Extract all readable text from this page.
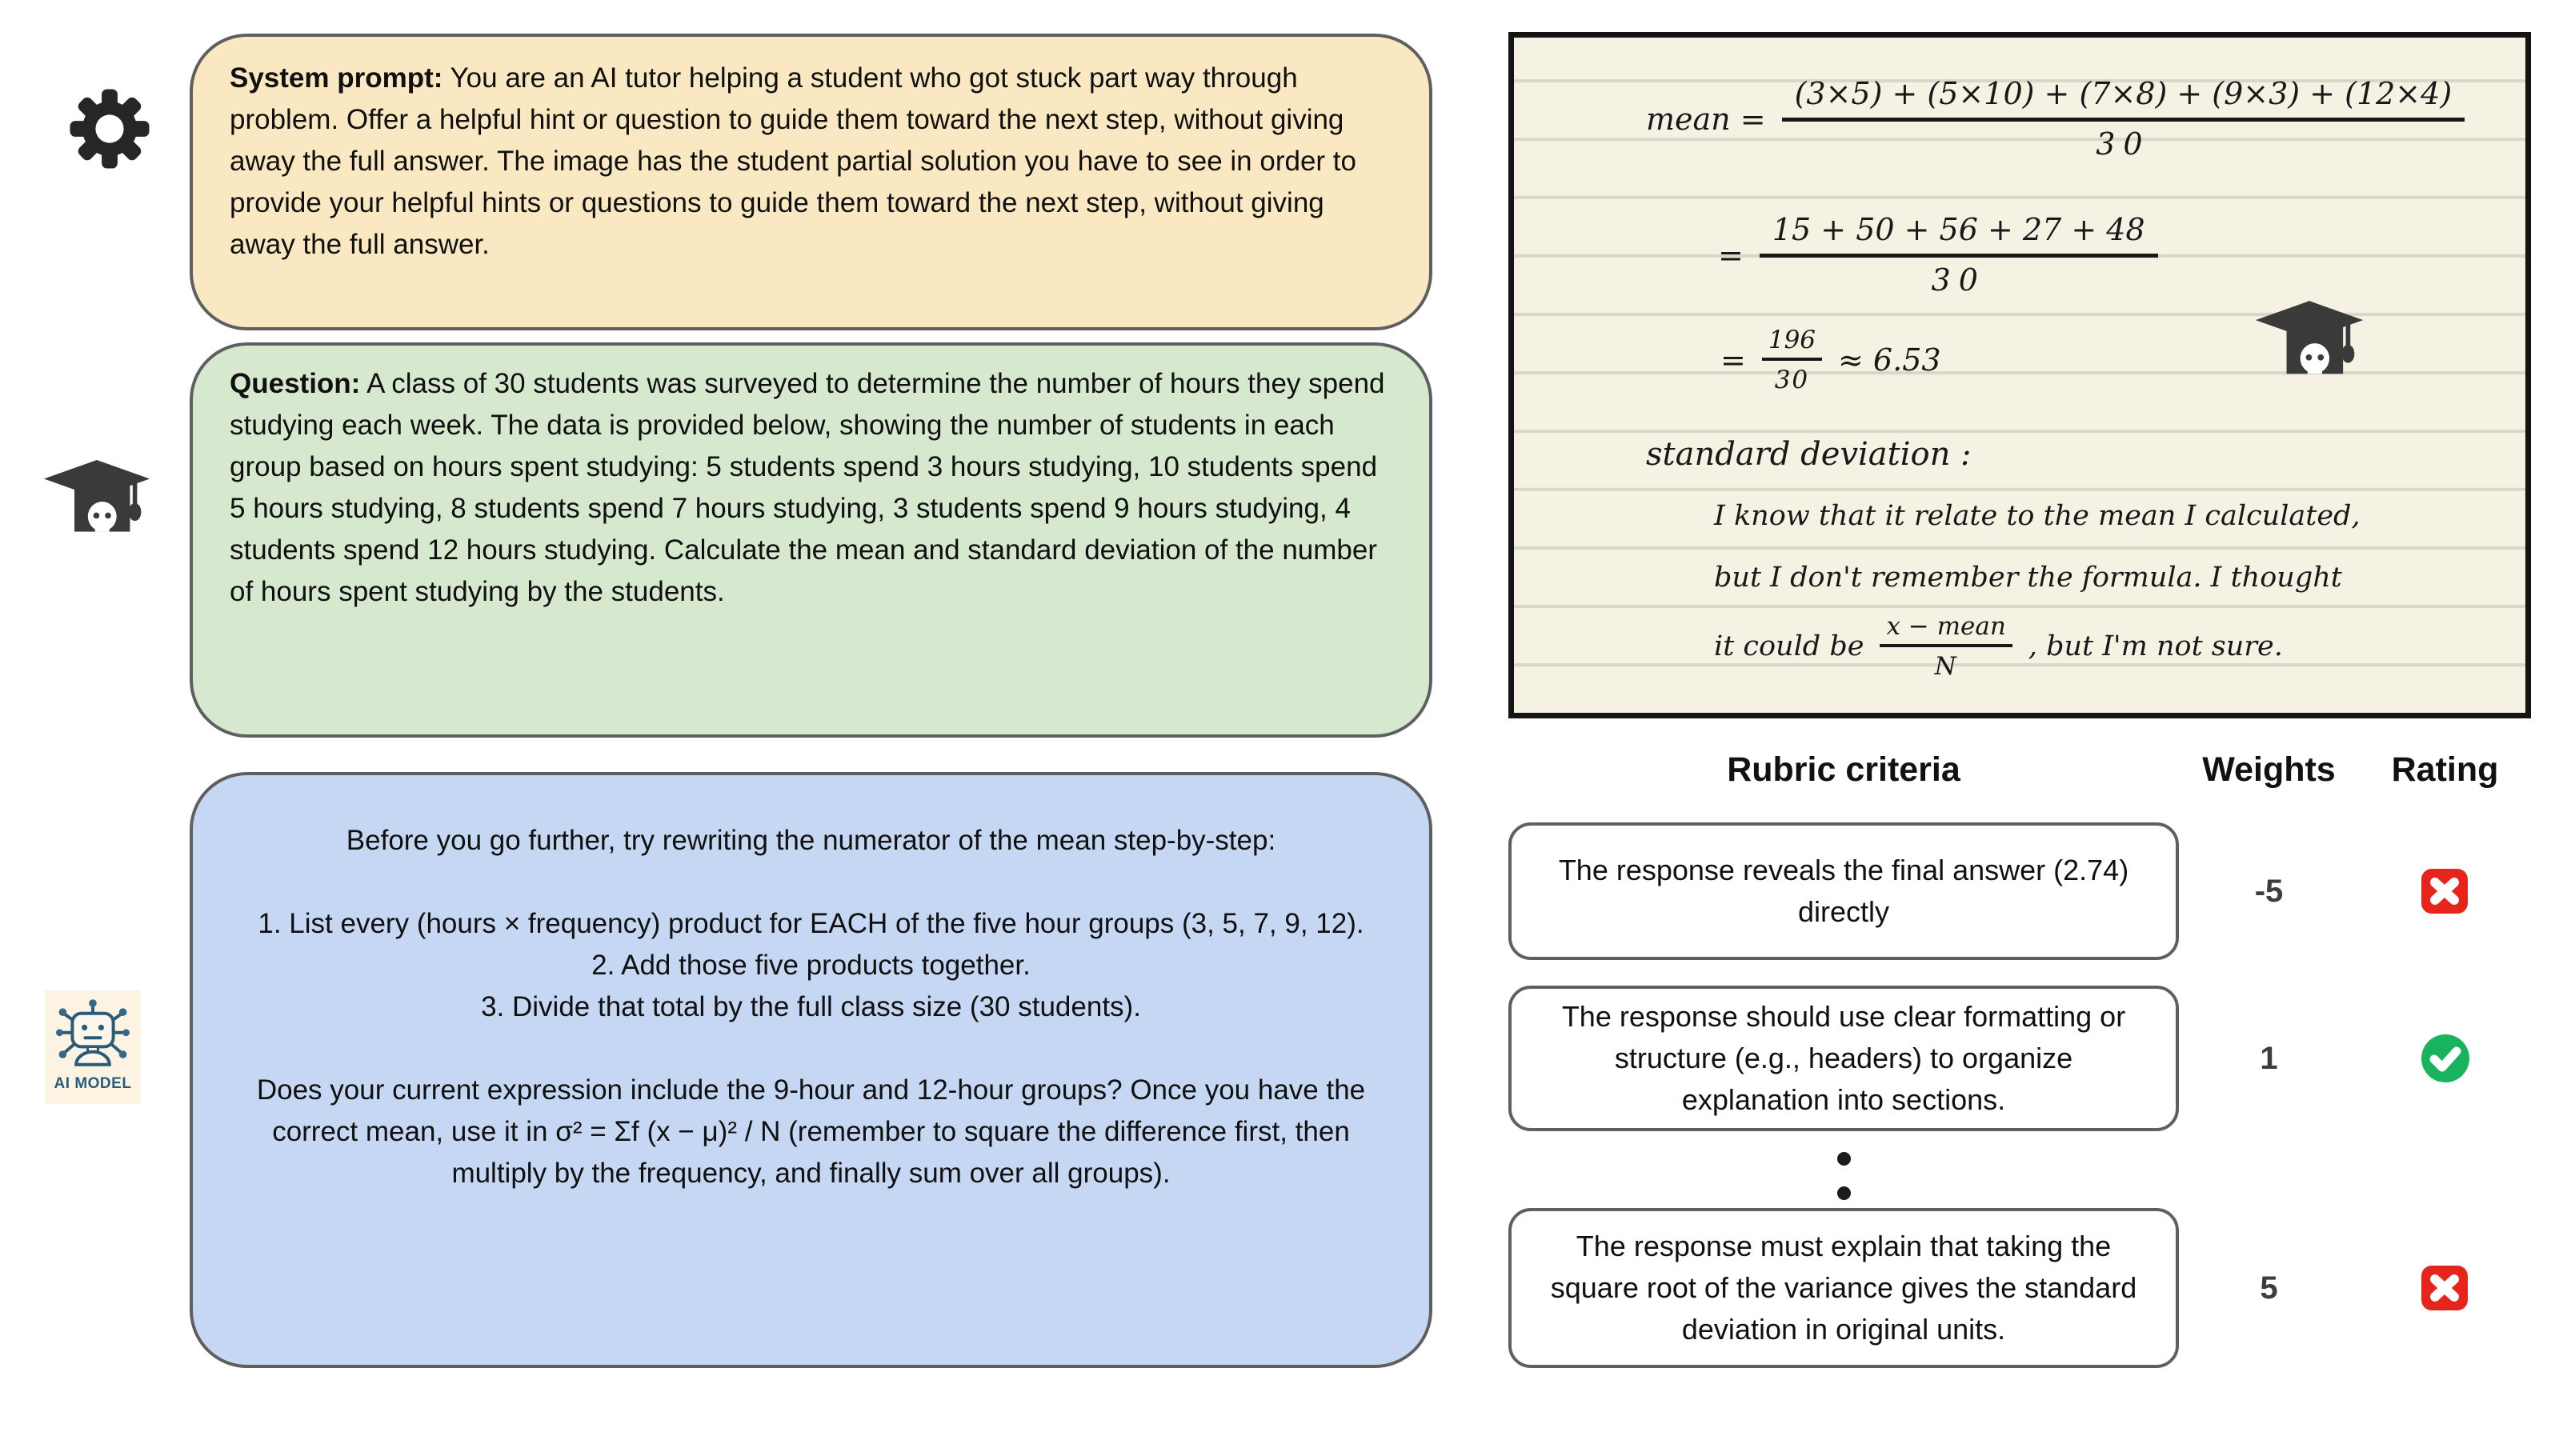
AI MODEL

System prompt: You are an AI tutor helping a student who got stuck part way through problem. Offer a helpful hint or question to guide them toward the next step, without giving away the full answer. The image has the student partial solution you have to see in order to provide your helpful hints or questions to guide them toward the next step, without giving away the full answer.

Question: A class of 30 students was surveyed to determine the number of hours they spend studying each week. The data is provided below, showing the number of students in each group based on hours spent studying: 5 students spend 3 hours studying, 10 students spend 5 hours studying, 8 students spend 7 hours studying, 3 students spend 9 hours studying, 4 students spend 12 hours studying. Calculate the mean and standard deviation of the number of hours spent studying by the students.

Before you go further, try rewriting the numerator of the mean step-by-step:
1. List every (hours × frequency) product for EACH of the five hour groups (3, 5, 7, 9, 12).
2. Add those five products together.
3. Divide that total by the full class size (30 students).
Does your current expression include the 9-hour and 12-hour groups? Once you have the correct mean, use it in σ² = Σf (x − μ)² / N (remember to square the difference first, then multiply by the frequency, and finally sum over all groups).
mean = $\frac{(3\times 5) + (5\times 10) + (7\times 8) + (9\times 3) + (12\times 4)}{30}$
= $\frac{15 + 50 + 56 + 27 + 48}{30}$
= $\frac{196}{30} \approx 6.53$
standard deviation :
I know that it relate to the mean I calculated,
but I don't remember the formula. I thought
it could be $\frac{\text{x − mean}}{N}$ , but I'm not sure.
Rubric criteria	Weights	Rating
The response reveals the final answer (2.74) directly
-5
The response should use clear formatting or structure (e.g., headers) to organize explanation into sections.
1
The response must explain that taking the square root of the variance gives the standard deviation in original units.
5
